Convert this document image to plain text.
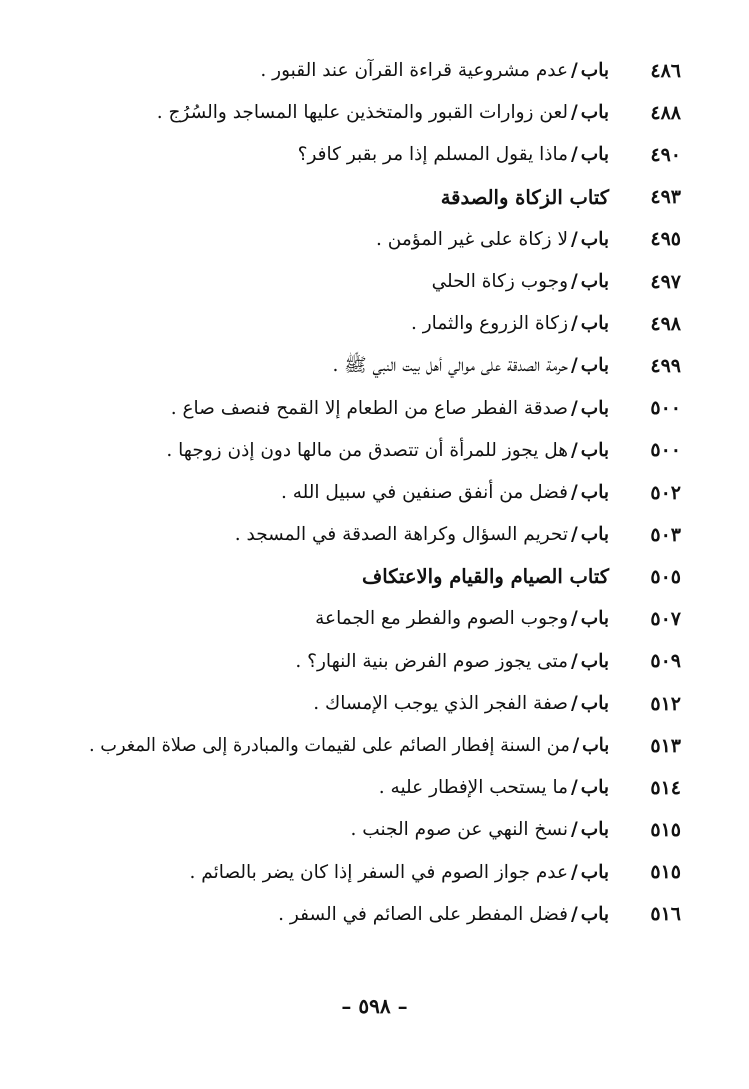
٤٨٦
باب/عدم مشروعية قراءة القرآن عند القبور .
٤٨٨
باب/لعن زوارات القبور والمتخذين عليها المساجد والسُرُج .
٤٩٠
باب/ماذا يقول المسلم إذا مر بقبر كافر؟
٤٩٣
كتاب الزكاة والصدقة
٤٩٥
باب/لا زكاة على غير المؤمن .
٤٩٧
باب/وجوب زكاة الحلي
٤٩٨
باب/زكاة الزروع والثمار .
٤٩٩
باب/حرمة الصدقة على موالي أهل بيت النبي ﷺ .
٥٠٠
باب/صدقة الفطر صاع من الطعام إلا القمح فنصف صاع .
٥٠٠
باب/هل يجوز للمرأة أن تتصدق من مالها دون إذن زوجها .
٥٠٢
باب/فضل من أنفق صنفين في سبيل الله .
٥٠٣
باب/تحريم السؤال وكراهة الصدقة في المسجد .
٥٠٥
كتاب الصيام والقيام والاعتكاف
٥٠٧
باب/وجوب الصوم والفطر مع الجماعة
٥٠٩
باب/متى يجوز صوم الفرض بنية النهار؟ .
٥١٢
باب/صفة الفجر الذي يوجب الإمساك .
٥١٣
باب/من السنة إفطار الصائم على لقيمات والمبادرة إلى صلاة المغرب .
٥١٤
باب/ما يستحب الإفطار عليه .
٥١٥
باب/نسخ النهي عن صوم الجنب .
٥١٥
باب/عدم جواز الصوم في السفر إذا كان يضر بالصائم .
٥١٦
باب/فضل المفطر على الصائم في السفر .
– ٥٩٨ –
